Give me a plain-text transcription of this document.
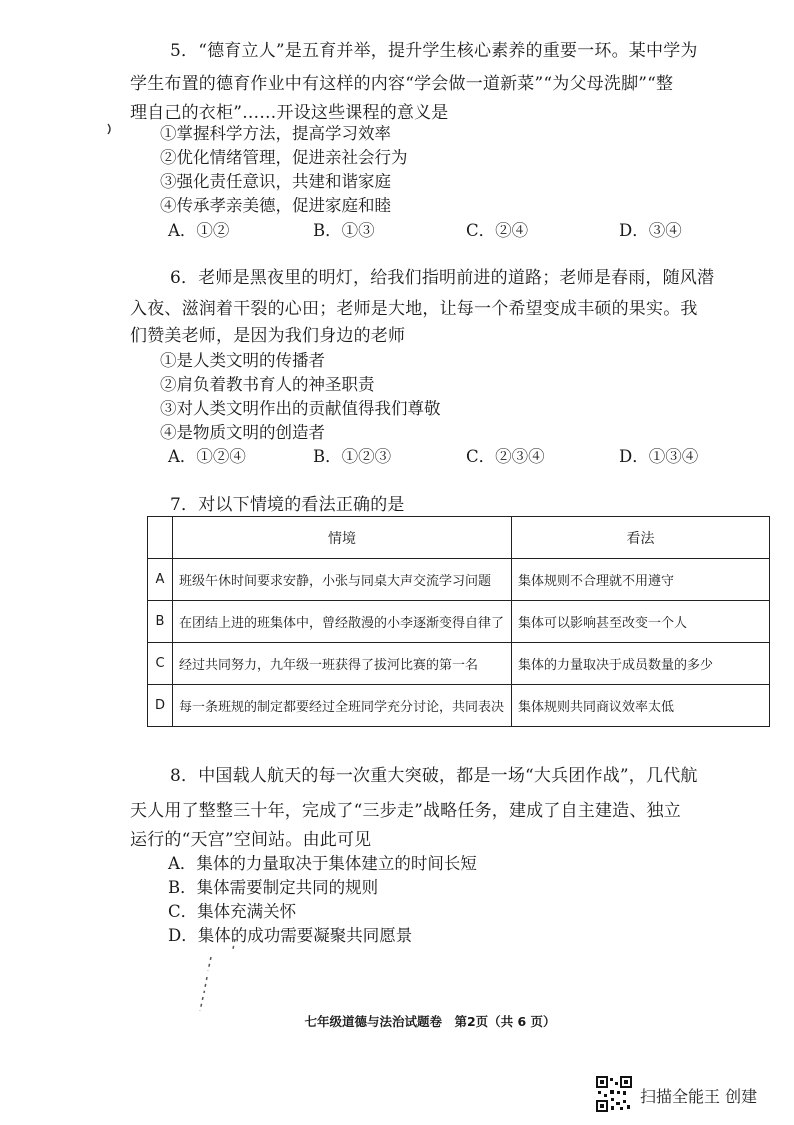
5．“德育立人”是五育并举，提升学生核心素养的重要一环。某中学为
学生布置的德育作业中有这样的内容“学会做一道新菜”“为父母洗脚”“整
理自己的衣柜”……开设这些课程的意义是
①掌握科学方法，提高学习效率
②优化情绪管理，促进亲社会行为
③强化责任意识，共建和谐家庭
④传承孝亲美德，促进家庭和睦
A．①②	B．①③	C．②④	D．③④
6．老师是黑夜里的明灯，给我们指明前进的道路；老师是春雨，随风潜
入夜、滋润着干裂的心田；老师是大地，让每一个希望变成丰硕的果实。我
们赞美老师，是因为我们身边的老师
①是人类文明的传播者
②肩负着教书育人的神圣职责
③对人类文明作出的贡献值得我们尊敬
④是物质文明的创造者
A．①②④	B．①②③	C．②③④	D．①③④
7．对以下情境的看法正确的是
	情境	看法
A	班级午休时间要求安静，小张与同桌大声交流学习问题	集体规则不合理就不用遵守
B	在团结上进的班集体中，曾经散漫的小李逐渐变得自律了	集体可以影响甚至改变一个人
C	经过共同努力，九年级一班获得了拔河比赛的第一名	集体的力量取决于成员数量的多少
D	每一条班规的制定都要经过全班同学充分讨论，共同表决	集体规则共同商议效率太低
8．中国载人航天的每一次重大突破，都是一场“大兵团作战”，几代航
天人用了整整三十年，完成了“三步走”战略任务，建成了自主建造、独立
运行的“天宫”空间站。由此可见
A．集体的力量取决于集体建立的时间长短
B．集体需要制定共同的规则
C．集体充满关怀
D．集体的成功需要凝聚共同愿景
七年级道德与法治试题卷　第2页（共 6 页）
扫描全能王 创建
